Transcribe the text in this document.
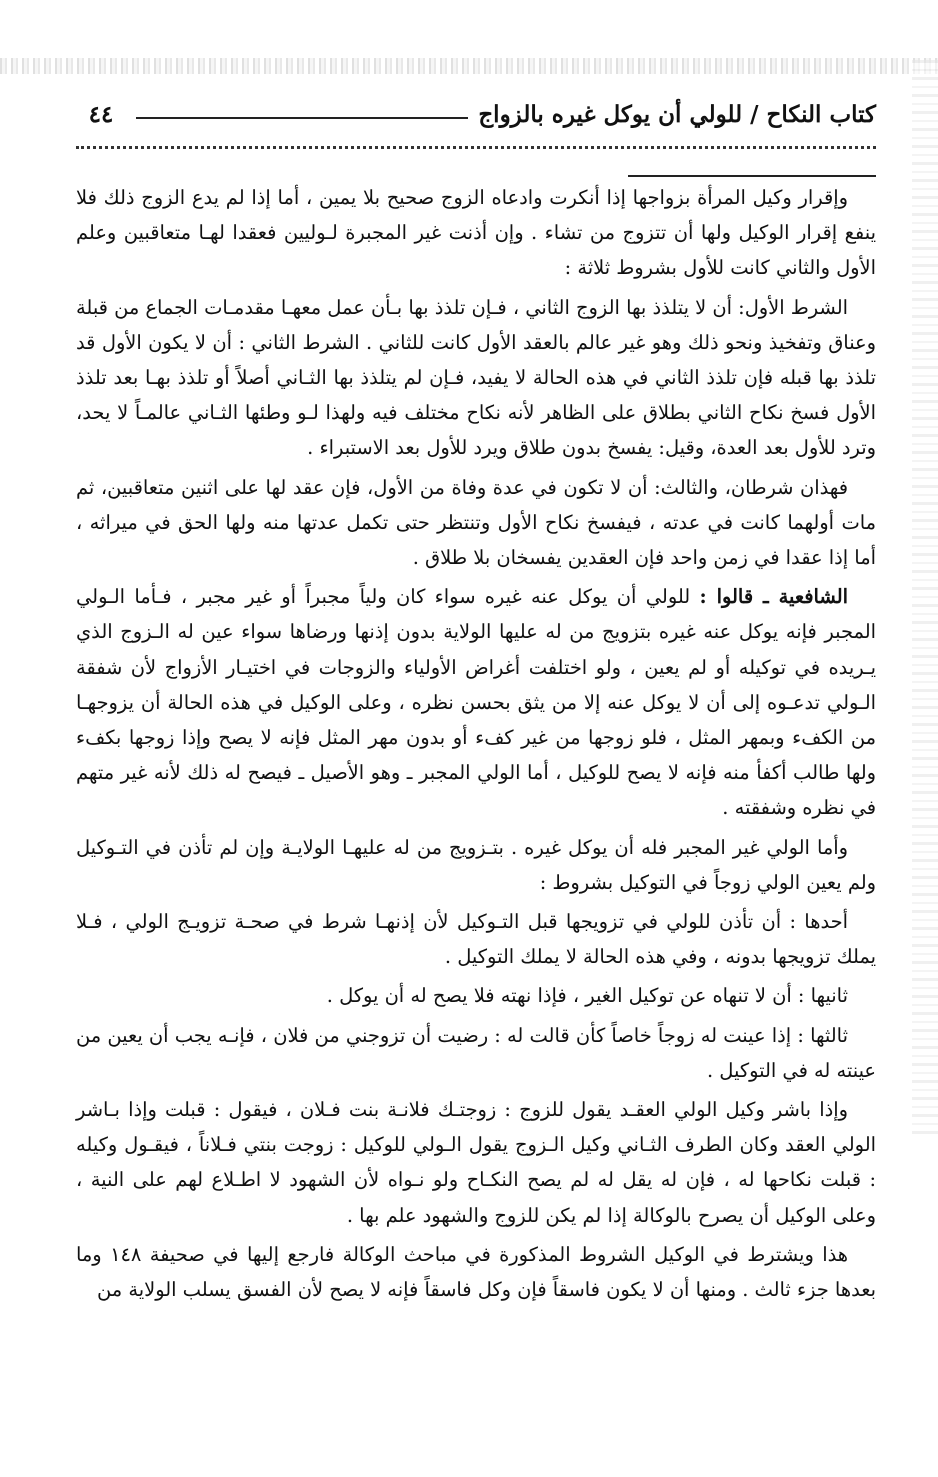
٤٤	كتاب النكاح / للولي أن يوكل غيره بالزواج

وإقرار وكيل المرأة بزواجها إذا أنكرت وادعاه الزوج صحيح بلا يمين ، أما إذا لم يدع الزوج ذلك فلا ينفع إقرار الوكيل ولها أن تتزوج من تشاء . وإن أذنت غير المجبرة لـوليين فعقدا لهـا متعاقبين وعلم الأول والثاني كانت للأول بشروط ثلاثة :

الشرط الأول: أن لا يتلذذ بها الزوج الثاني ، فـإن تلذذ بها بـأن عمل معهـا مقدمـات الجماع من قبلة وعناق وتفخيذ ونحو ذلك وهو غير عالم بالعقد الأول كانت للثاني . الشرط الثاني : أن لا يكون الأول قد تلذذ بها قبله فإن تلذذ الثاني في هذه الحالة لا يفيد، فـإن لم يتلذذ بها الثـاني أصلاً أو تلذذ بهـا بعد تلذذ الأول فسخ نكاح الثاني بطلاق على الظاهر لأنه نكاح مختلف فيه ولهذا لـو وطئها الثـاني عالمـاً لا يحد، وترد للأول بعد العدة، وقيل: يفسخ بدون طلاق ويرد للأول بعد الاستبراء .

فهذان شرطان، والثالث: أن لا تكون في عدة وفاة من الأول، فإن عقد لها على اثنين متعاقبين، ثم مات أولهما كانت في عدته ، فيفسخ نكاح الأول وتنتظر حتى تكمل عدتها منه ولها الحق في ميراثه ، أما إذا عقدا في زمن واحد فإن العقدين يفسخان بلا طلاق .

الشافعية ـ قالوا : للولي أن يوكل عنه غيره سواء كان ولياً مجبراً أو غير مجبر ، فـأما الـولي المجبر فإنه يوكل عنه غيره بتزويج من له عليها الولاية بدون إذنها ورضاها سواء عين له الـزوج الذي يـريده في توكيله أو لم يعين ، ولو اختلفت أغراض الأولياء والزوجات في اختيـار الأزواج لأن شفقة الـولي تدعـوه إلى أن لا يوكل عنه إلا من يثق بحسن نظره ، وعلى الوكيل في هذه الحالة أن يزوجهـا من الكفء وبمهر المثل ، فلو زوجها من غير كفء أو بدون مهر المثل فإنه لا يصح وإذا زوجها بكفء ولها طالب أكفأ منه فإنه لا يصح للوكيل ، أما الولي المجبر ـ وهو الأصيل ـ فيصح له ذلك لأنه غير متهم في نظره وشفقته .

وأما الولي غير المجبر فله أن يوكل غيره . بتـزويج من له عليهـا الولايـة وإن لم تأذن في التـوكيل ولم يعين الولي زوجاً في التوكيل بشروط :

أحدها : أن تأذن للولي في تزويجها قبل التـوكيل لأن إذنهـا شرط في صحـة تزويـج الولي ، فـلا يملك تزويجها بدونه ، وفي هذه الحالة لا يملك التوكيل .

ثانيها : أن لا تنهاه عن توكيل الغير ، فإذا نهته فلا يصح له أن يوكل .

ثالثها : إذا عينت له زوجاً خاصاً كأن قالت له : رضيت أن تزوجني من فلان ، فإنـه يجب أن يعين من عينته له في التوكيل .

وإذا باشر وكيل الولي العقـد يقول للزوج : زوجتـك فلانـة بنت فـلان ، فيقول : قبلت وإذا بـاشر الولي العقد وكان الطرف الثـاني وكيل الـزوج يقول الـولي للوكيل : زوجت بنتي فـلاناً ، فيقـول وكيله : قبلت نكاحها له ، فإن له يقل له لم يصح النكـاح ولو نـواه لأن الشهود لا اطـلاع لهم على النية ، وعلى الوكيل أن يصرح بالوكالة إذا لم يكن للزوج والشهود علم بها .

هذا ويشترط في الوكيل الشروط المذكورة في مباحث الوكالة فارجع إليها في صحيفة ١٤٨ وما بعدها جزء ثالث . ومنها أن لا يكون فاسقاً فإن وكل فاسقاً فإنه لا يصح لأن الفسق يسلب الولاية من
